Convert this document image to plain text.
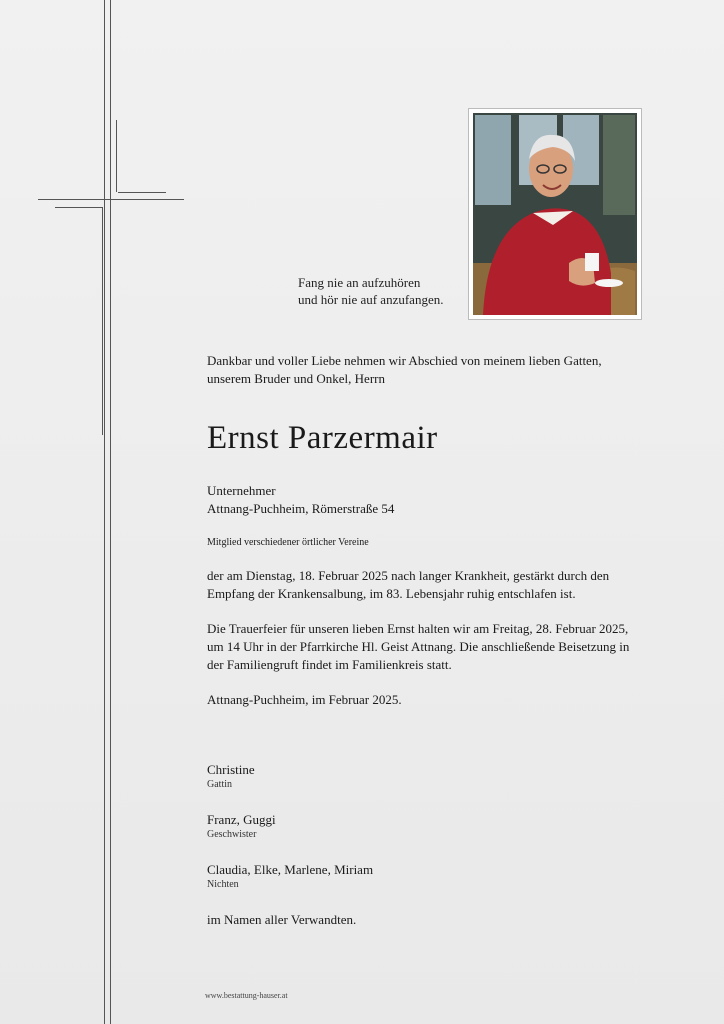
Fang nie an aufzuhören
und hör nie auf anzufangen.
Dankbar und voller Liebe nehmen wir Abschied von meinem lieben Gatten,
unserem Bruder und Onkel, Herrn
Ernst Parzermair
Unternehmer
Attnang-Puchheim, Römerstraße 54
Mitglied verschiedener örtlicher Vereine
der am Dienstag, 18. Februar 2025 nach langer Krankheit, gestärkt durch den
Empfang der Krankensalbung, im 83. Lebensjahr ruhig entschlafen ist.
Die Trauerfeier für unseren lieben Ernst halten wir am Freitag, 28. Februar 2025,
um 14 Uhr in der Pfarrkirche Hl. Geist Attnang. Die anschließende Beisetzung in
der Familiengruft findet im Familienkreis statt.
Attnang-Puchheim, im Februar 2025.
Christine
Gattin
Franz, Guggi
Geschwister
Claudia, Elke, Marlene, Miriam
Nichten
im Namen aller Verwandten.
www.bestattung-hauser.at
